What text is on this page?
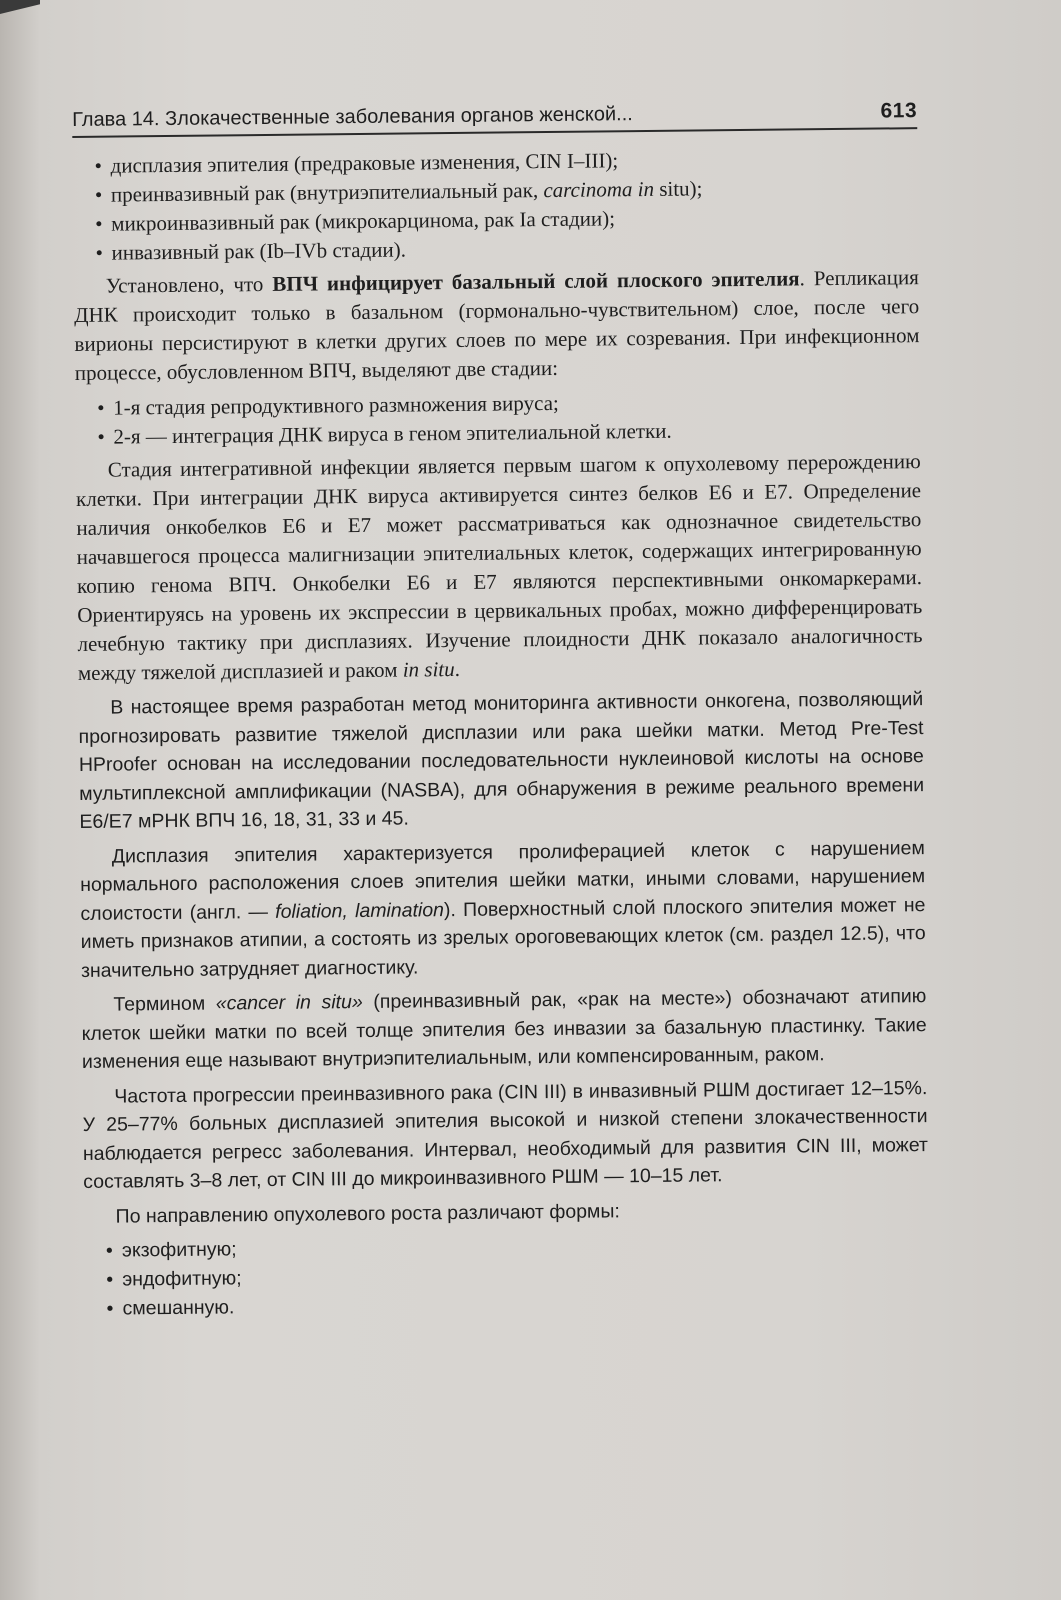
Глава 14. Злокачественные заболевания органов женской...	613
• дисплазия эпителия (предраковые изменения, CIN I–III);
• преинвазивный рак (внутриэпителиальный рак, carcinoma in situ);
• микроинвазивный рак (микрокарцинома, рак Ia стадии);
• инвазивный рак (Ib–IVb стадии).

Установлено, что ВПЧ инфицирует базальный слой плоского эпителия. Репликация ДНК происходит только в базальном (гормонально-чувствительном) слое, после чего вирионы персистируют в клетки других слоев по мере их созревания. При инфекционном процессе, обусловленном ВПЧ, выделяют две стадии:

• 1-я стадия репродуктивного размножения вируса;
• 2-я — интеграция ДНК вируса в геном эпителиальной клетки.

Стадия интегративной инфекции является первым шагом к опухолевому перерождению клетки. При интеграции ДНК вируса активируется синтез белков E6 и E7. Определение наличия онкобелков E6 и E7 может рассматриваться как однозначное свидетельство начавшегося процесса малигнизации эпителиальных клеток, содержащих интегрированную копию генома ВПЧ. Онкобелки E6 и E7 являются перспективными онкомаркерами. Ориентируясь на уровень их экспрессии в цервикальных пробах, можно дифференцировать лечебную тактику при дисплазиях. Изучение плоидности ДНК показало аналогичность между тяжелой дисплазией и раком in situ.

В настоящее время разработан метод мониторинга активности онкогена, позволяющий прогнозировать развитие тяжелой дисплазии или рака шейки матки. Метод Pre-Test HProofer основан на исследовании последовательности нуклеиновой кислоты на основе мультиплексной амплификации (NASBA), для обнаружения в режиме реального времени E6/E7 мРНК ВПЧ 16, 18, 31, 33 и 45.

Дисплазия эпителия характеризуется пролиферацией клеток с нарушением нормального расположения слоев эпителия шейки матки, иными словами, нарушением слоистости (англ. — foliation, lamination). Поверхностный слой плоского эпителия может не иметь признаков атипии, а состоять из зрелых ороговевающих клеток (см. раздел 12.5), что значительно затрудняет диагностику.

Термином «cancer in situ» (преинвазивный рак, «рак на месте») обозначают атипию клеток шейки матки по всей толще эпителия без инвазии за базальную пластинку. Такие изменения еще называют внутриэпителиальным, или компенсированным, раком.

Частота прогрессии преинвазивного рака (CIN III) в инвазивный РШМ достигает 12–15%. У 25–77% больных дисплазией эпителия высокой и низкой степени злокачественности наблюдается регресс заболевания. Интервал, необходимый для развития CIN III, может составлять 3–8 лет, от CIN III до микроинвазивного РШМ — 10–15 лет.

По направлению опухолевого роста различают формы:

• экзофитную;
• эндофитную;
• смешанную.
